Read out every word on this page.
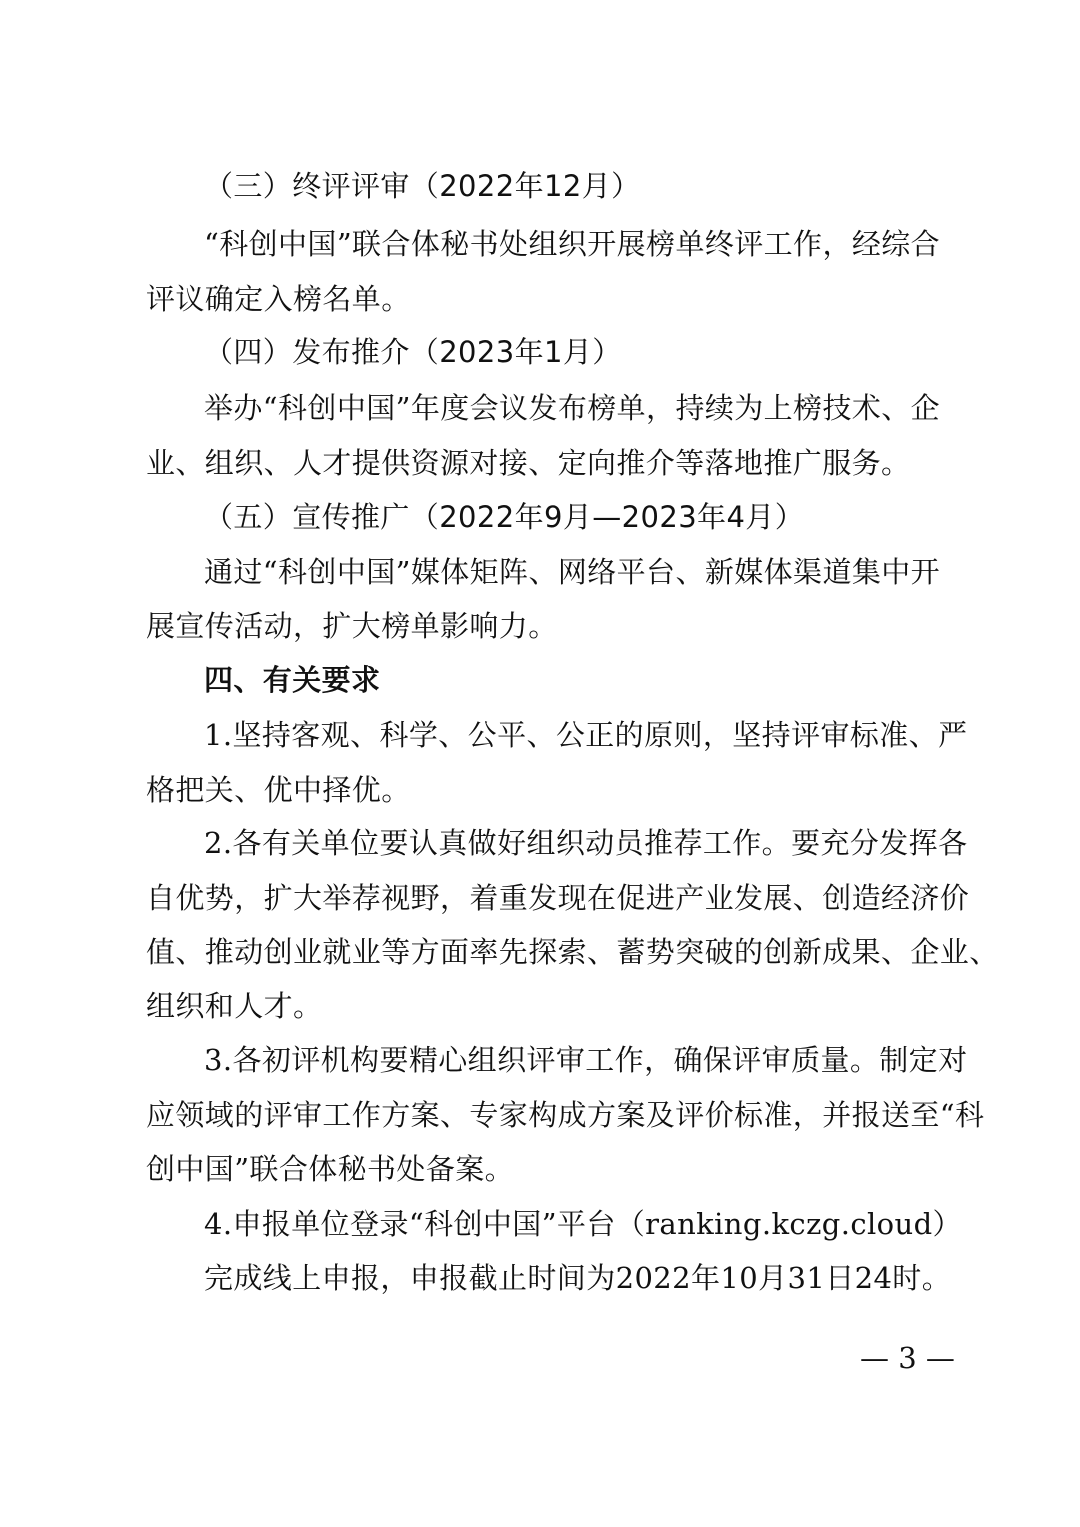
（三）终评评审（2022年12月）
“科创中国”联合体秘书处组织开展榜单终评工作，经综合
评议确定入榜名单。
（四）发布推介（2023年1月）
举办“科创中国”年度会议发布榜单，持续为上榜技术、企
业、组织、人才提供资源对接、定向推介等落地推广服务。
（五）宣传推广（2022年9月—2023年4月）
通过“科创中国”媒体矩阵、网络平台、新媒体渠道集中开
展宣传活动，扩大榜单影响力。
四、有关要求
1.坚持客观、科学、公平、公正的原则，坚持评审标准、严
格把关、优中择优。
2.各有关单位要认真做好组织动员推荐工作。要充分发挥各
自优势，扩大举荐视野，着重发现在促进产业发展、创造经济价
值、推动创业就业等方面率先探索、蓄势突破的创新成果、企业、
组织和人才。
3.各初评机构要精心组织评审工作，确保评审质量。制定对
应领域的评审工作方案、专家构成方案及评价标准，并报送至“科
创中国”联合体秘书处备案。
4.申报单位登录“科创中国”平台（ranking.kczg.cloud）
完成线上申报，申报截止时间为2022年10月31日24时。
— 3 —
